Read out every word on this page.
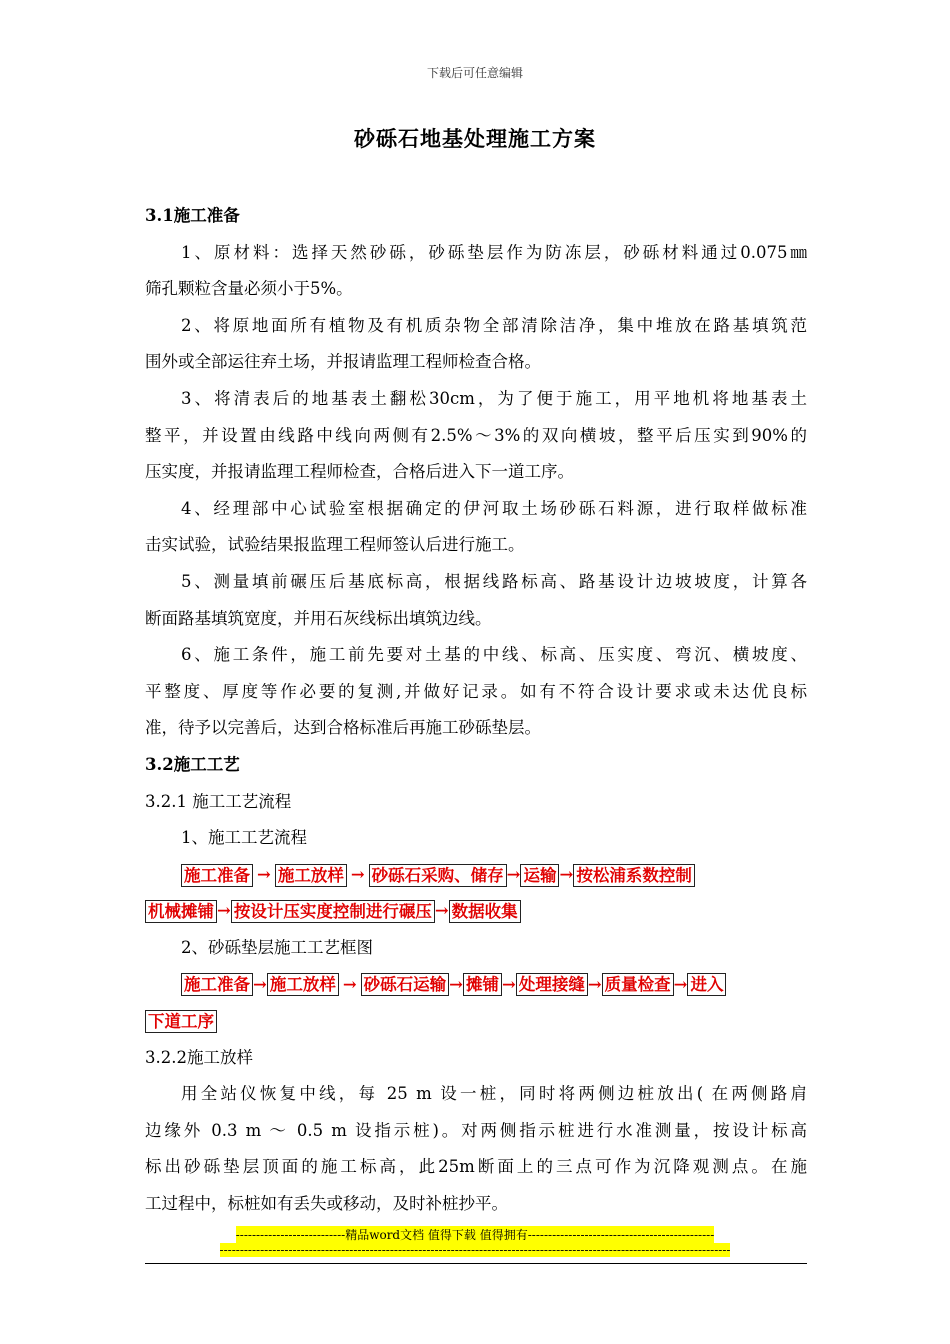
下载后可任意编辑
砂砾石地基处理施工方案
3.1施工准备
1、原材料：选择天然砂砾，砂砾垫层作为防冻层，砂砾材料通过0.075㎜
筛孔颗粒含量必须小于5%。
2、将原地面所有植物及有机质杂物全部清除洁净，集中堆放在路基填筑范
围外或全部运往弃土场，并报请监理工程师检查合格。
3、将清表后的地基表土翻松30cm，为了便于施工，用平地机将地基表土
整平，并设置由线路中线向两侧有2.5%～3%的双向横坡，整平后压实到90%的
压实度，并报请监理工程师检查，合格后进入下一道工序。
4、经理部中心试验室根据确定的伊河取土场砂砾石料源，进行取样做标准
击实试验，试验结果报监理工程师签认后进行施工。
5、测量填前碾压后基底标高，根据线路标高、路基设计边坡坡度，计算各
断面路基填筑宽度，并用石灰线标出填筑边线。
6、施工条件，施工前先要对土基的中线、标高、压实度、弯沉、横坡度、
平整度、厚度等作必要的复测,并做好记录。如有不符合设计要求或未达优良标
准，待予以完善后，达到合格标准后再施工砂砾垫层。
3.2施工工艺
3.2.1 施工工艺流程
1、施工工艺流程
施工准备 → 施工放样 → 砂砾石采购、储存 → 运输 → 按松浦系数控制
机械摊铺 → 按设计压实度控制进行碾压 → 数据收集
2、砂砾垫层施工工艺框图
施工准备 → 施工放样 → 砂砾石运输 → 摊铺 → 处理接缝 → 质量检查 → 进入
下道工序
3.2.2施工放样
用全站仪恢复中线，每 25 m 设一桩，同时将两侧边桩放出( 在两侧路肩
边缘外 0.3 m ～ 0.5 m 设指示桩)。对两侧指示桩进行水准测量，按设计标高
标出砂砾垫层顶面的施工标高，此25m断面上的三点可作为沉降观测点。在施
工过程中，标桩如有丢失或移动，及时补桩抄平。
---------------------------精品word文档 值得下载 值得拥有----------------------------------------------
------------------------------------------------------------------------------------------------------------------------------
